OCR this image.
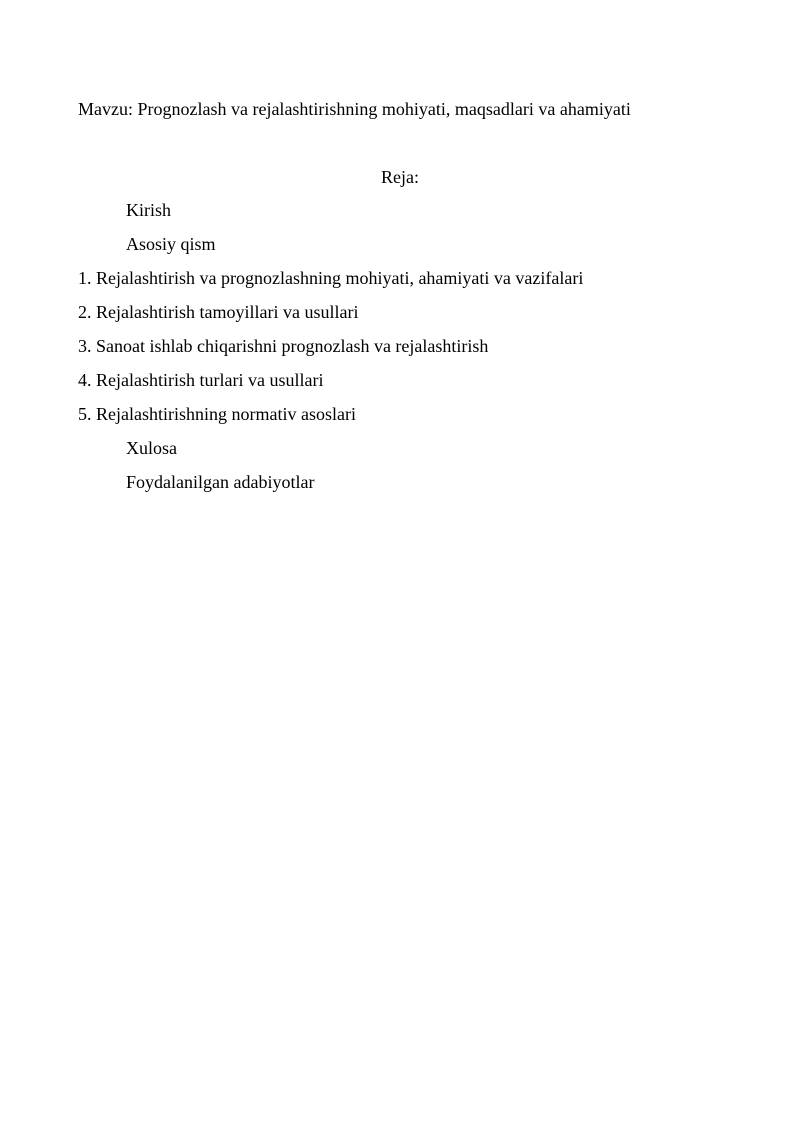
Mavzu: Prognozlash va rejalashtirishning mohiyati, maqsadlari va ahamiyati
Reja:
Kirish
Asosiy qism
1. Rejalashtirish va prognozlashning mohiyati, ahamiyati va vazifalari
2. Rejalashtirish tamoyillari va usullari
3. Sanoat ishlab chiqarishni prognozlash va rejalashtirish
4. Rejalashtirish turlari va usullari
5. Rejalashtirishning normativ asoslari
Xulosa
Foydalanilgan adabiyotlar
